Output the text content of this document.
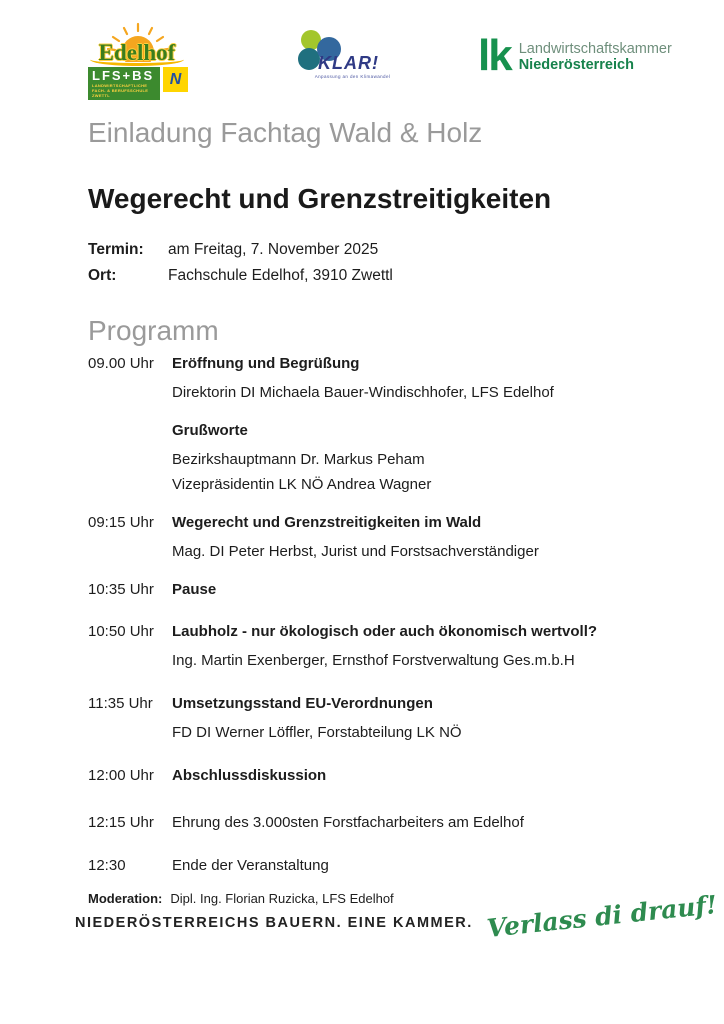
Edelhof
LFS+BS
LANDWIRTSCHAFTLICHE
FACH- & BERUFSSCHULE
ZWETTL
N
KLAR!
Anpassung an den Klimawandel lk Landwirtschaftskammer
Niederösterreich
Einladung Fachtag Wald & Holz
Wegerecht und Grenzstreitigkeiten
Termin:	am Freitag, 7. November 2025
Ort:	Fachschule Edelhof, 3910 Zwettl
Programm
09.00 Uhr	Eröffnung und Begrüßung
Direktorin DI Michaela Bauer-Windischhofer, LFS Edelhof
Grußworte
Bezirkshauptmann Dr. Markus Peham
Vizepräsidentin LK NÖ Andrea Wagner
09:15 Uhr	Wegerecht und Grenzstreitigkeiten im Wald
Mag. DI Peter Herbst, Jurist und Forstsachverständiger
10:35 Uhr	Pause
10:50 Uhr	Laubholz - nur ökologisch oder auch ökonomisch wertvoll?
Ing. Martin Exenberger, Ernsthof Forstverwaltung Ges.m.b.H
11:35 Uhr	Umsetzungsstand EU-Verordnungen
FD DI Werner Löffler, Forstabteilung LK NÖ
12:00 Uhr	Abschlussdiskussion
12:15 Uhr	Ehrung des 3.000sten Forstfacharbeiters am Edelhof
12:30	Ende der Veranstaltung
Moderation: Dipl. Ing. Florian Ruzicka, LFS Edelhof
NIEDERÖSTERREICHS BAUERN. EINE KAMMER. Verlass di drauf!
